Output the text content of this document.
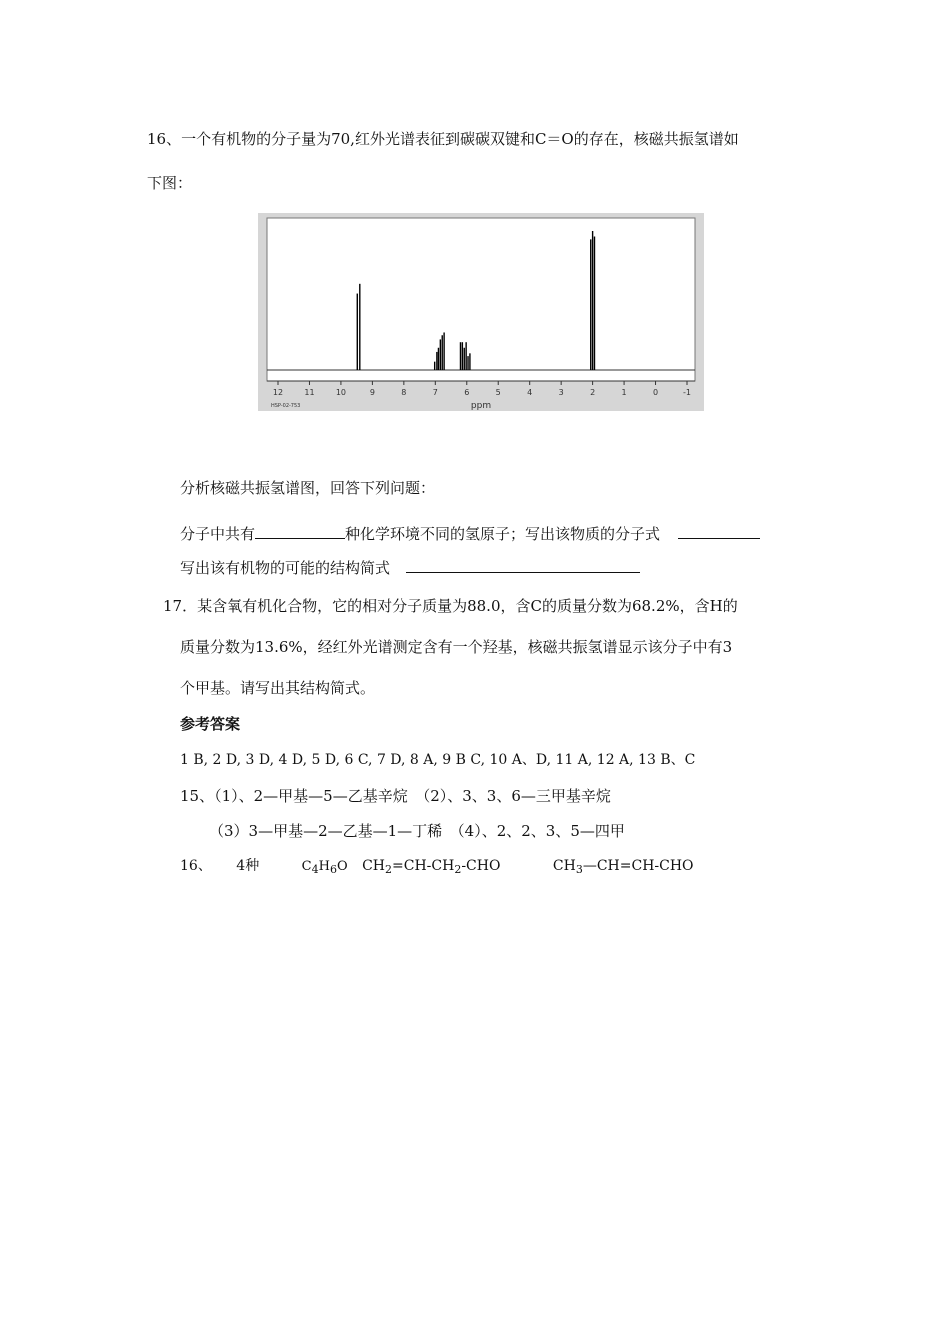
16、一个有机物的分子量为70,红外光谱表征到碳碳双键和C＝O的存在，核磁共振氢谱如
下图：
12	11	10	9	8	7	6	5	4	3	2	1	0	-1
HSP-02-753	ppm
分析核磁共振氢谱图，回答下列问题：
分子中共有	种化学环境不同的氢原子；写出该物质的分子式
写出该有机物的可能的结构简式
17．某含氧有机化合物，它的相对分子质量为88.0，含C的质量分数为68.2%，含H的
质量分数为13.6%，经红外光谱测定含有一个羟基，核磁共振氢谱显示该分子中有3
个甲基。请写出其结构简式。
参考答案
1 B, 2 D, 3 D, 4 D, 5 D, 6 C, 7 D, 8 A, 9 B C, 10 A、D, 11 A, 12 A, 13 B、C
15、（1）、2—甲基—5—乙基辛烷　（2）、3、3、6—三甲基辛烷
（3）3—甲基—2—乙基—1—丁稀　（4）、2、2、3、5—四甲
16、 4种	$C_4H_6O$ $CH_2=CH-CH_2$-CHO	$CH_3—CH=CH$-CHO
